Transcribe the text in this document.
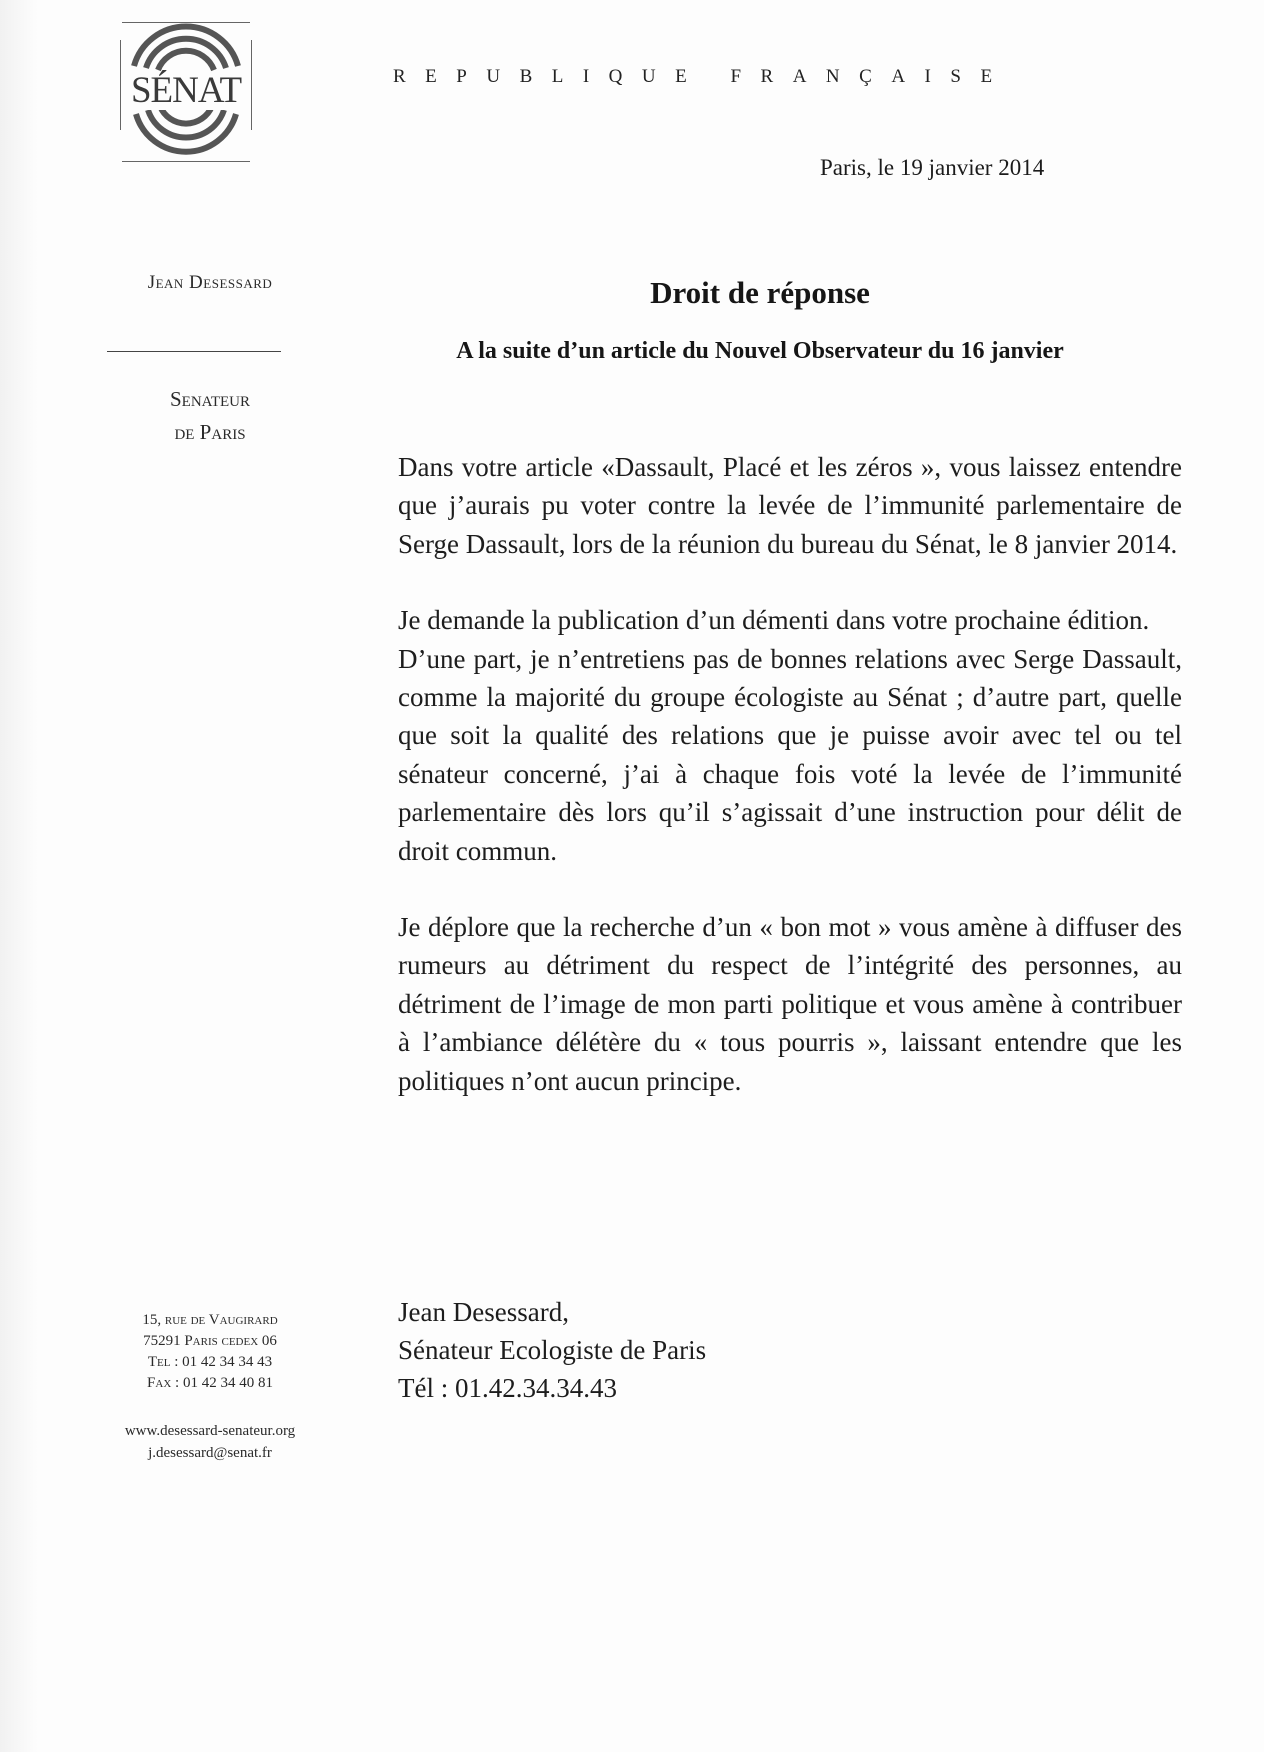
SÉNAT	REPUBLIQUE FRANÇAISE
Paris, le 19 janvier 2014
Jean Desessard
Senateur
de Paris
Droit de réponse
A la suite d’un article du Nouvel Observateur du 16 janvier

Dans votre article «Dassault, Placé et les zéros », vous laissez entendre que j’aurais pu voter contre la levée de l’immunité parlementaire de Serge Dassault, lors de la réunion du bureau du Sénat, le 8 janvier 2014.

Je demande la publication d’un démenti dans votre prochaine édition.

D’une part, je n’entretiens pas de bonnes relations avec Serge Dassault, comme la majorité du groupe écologiste au Sénat ; d’autre part, quelle que soit la qualité des relations que je puisse avoir avec tel ou tel sénateur concerné, j’ai à chaque fois voté la levée de l’immunité parlementaire dès lors qu’il s’agissait d’une instruction pour délit de droit commun.

Je déplore que la recherche d’un « bon mot » vous amène à diffuser des rumeurs au détriment du respect de l’intégrité des personnes, au détriment de l’image de mon parti politique et vous amène à contribuer à l’ambiance délétère du « tous pourris », laissant entendre que les politiques n’ont aucun principe.

Jean Desessard,
Sénateur Ecologiste de Paris
Tél : 01.42.34.34.43
15, rue de Vaugirard
75291 Paris cedex 06
Tel : 01 42 34 34 43
Fax : 01 42 34 40 81
www.desessard-senateur.org
j.desessard@senat.fr
